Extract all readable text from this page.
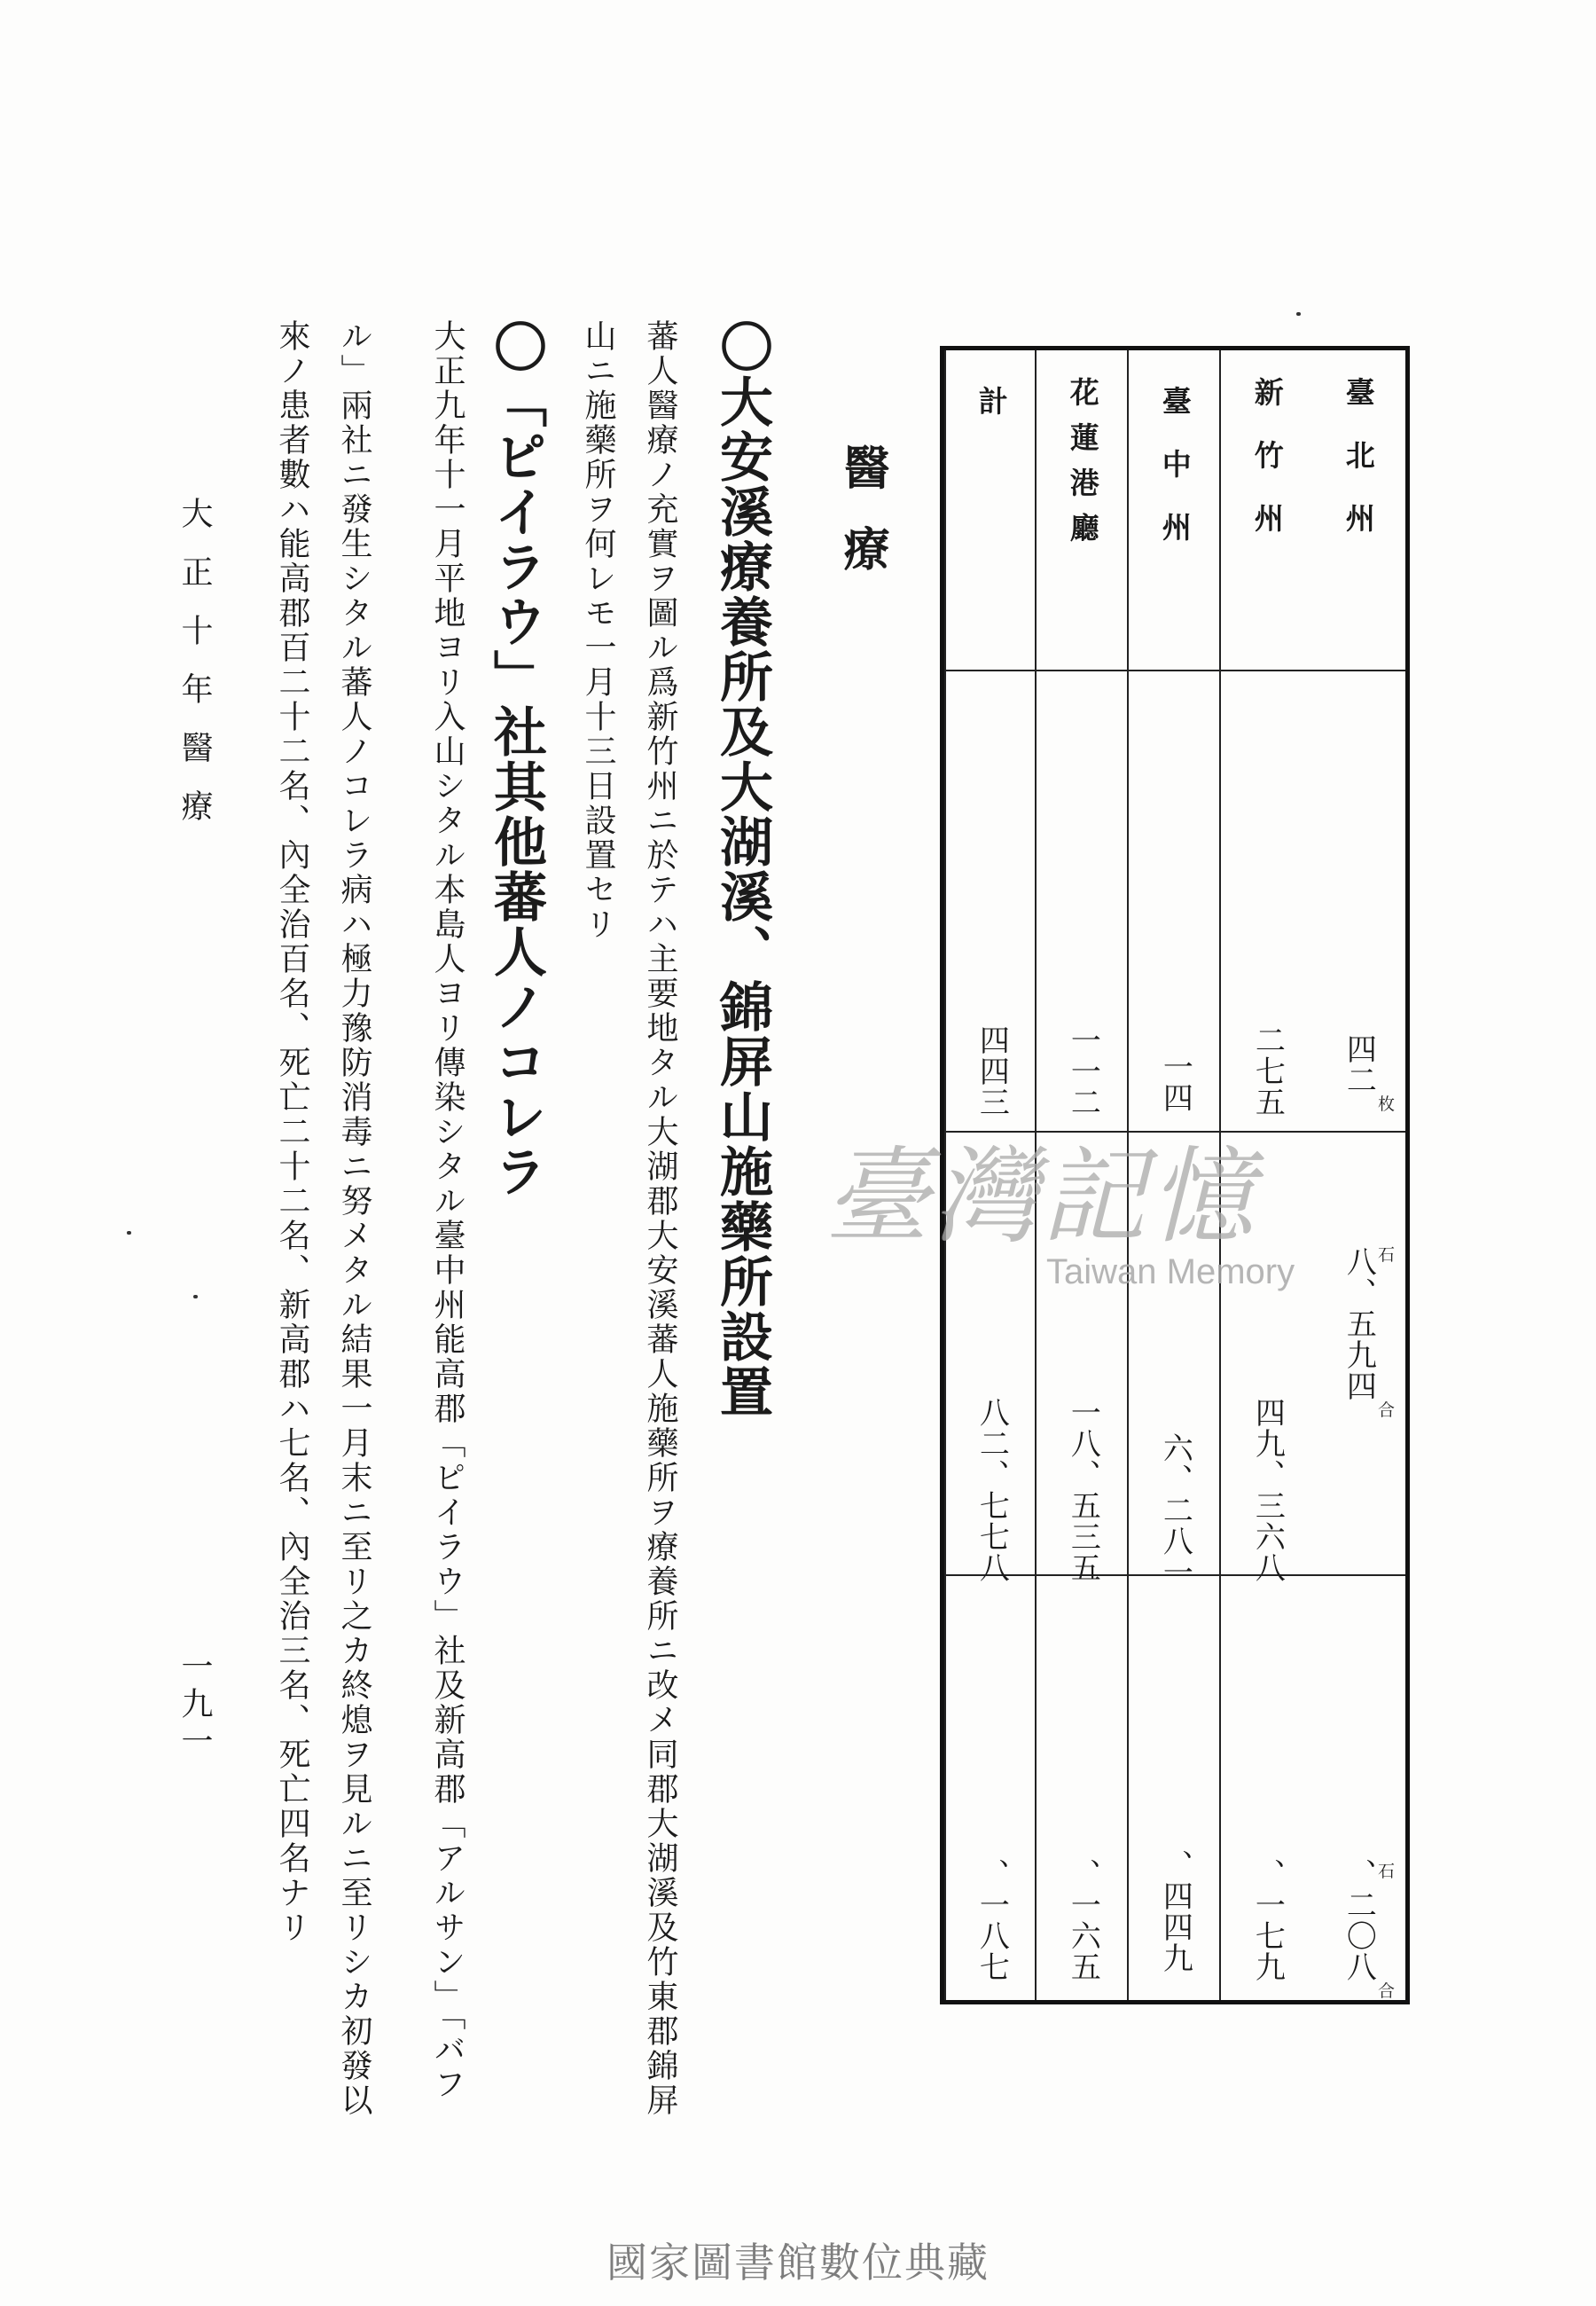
臺北州
四二
枚
八、五九四 石
合
、二〇八 石
合
新竹州
二七五
四九、三六八
、一七九
臺中州
一四
六、二八一
、四四九
花蓮港廳
一一二
一八、五三五
、一六五
計
四四三
八二、七七八
、一八七
醫療
〇大安溪療養所及大湖溪、錦屏山施藥所設置
蕃人醫療ノ充實ヲ圖ル爲新竹州ニ於テハ主要地タル大湖郡大安溪蕃人施藥所ヲ療養所ニ改メ同郡大湖溪及竹東郡錦屏
山ニ施藥所ヲ何レモ一月十三日設置セリ
〇「ピイラウ」社其他蕃人ノコレラ
大正九年十一月平地ヨリ入山シタル本島人ヨリ傳染シタル臺中州能高郡「ピイラウ」社及新高郡「アルサン」「バフ
ル」兩社ニ發生シタル蕃人ノコレラ病ハ極力豫防消毒ニ努メタル結果一月末ニ至リ之カ終熄ヲ見ルニ至リシカ初發以
來ノ患者數ハ能高郡百二十二名、內全治百名、死亡二十二名、新高郡ハ七名、內全治三名、死亡四名ナリ
大正十年醫療
一九一
臺灣記憶
Taiwan Memory
國家圖書館數位典藏
